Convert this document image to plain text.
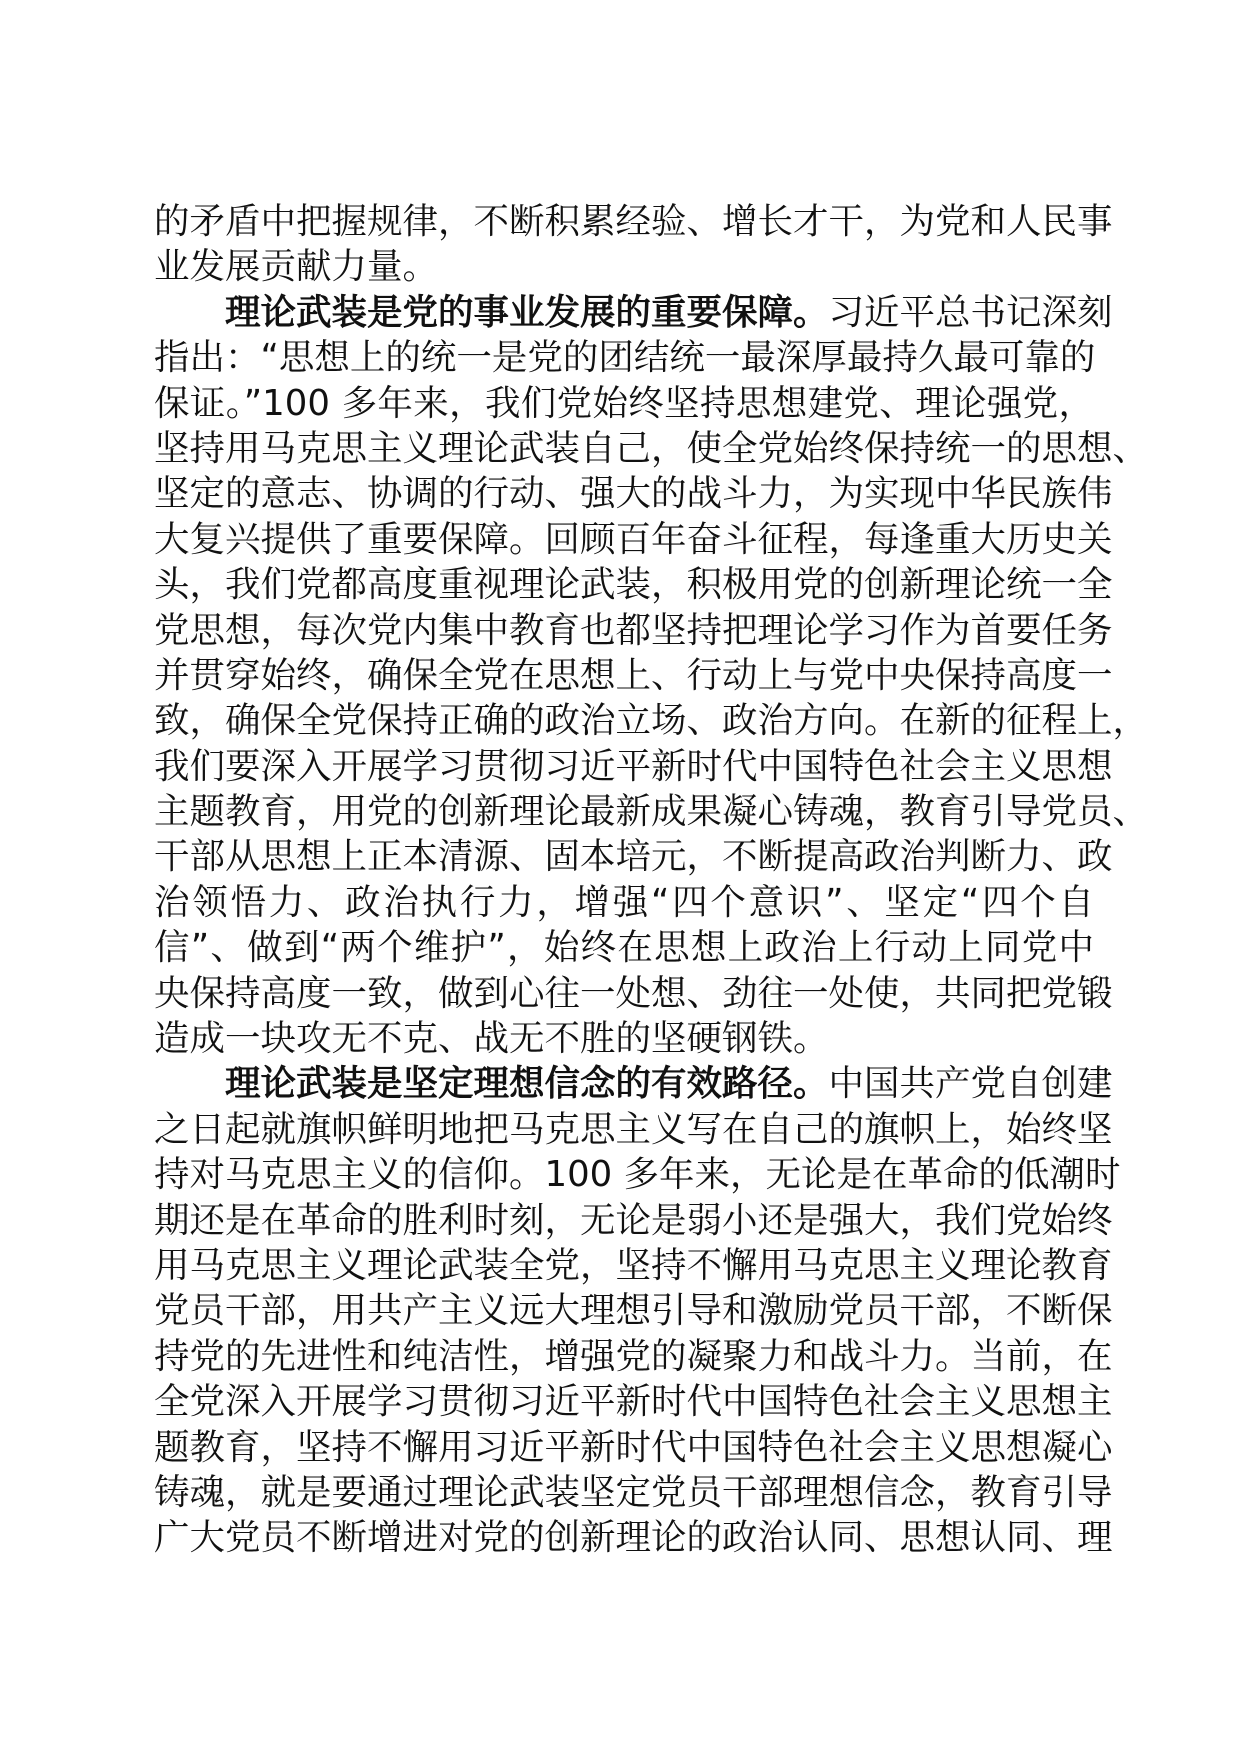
的矛盾中把握规律，不断积累经验、增长才干，为党和人民事
业发展贡献力量。
理论武装是党的事业发展的重要保障。习近平总书记深刻
指出：“思想上的统一是党的团结统一最深厚最持久最可靠的
保证。”100 多年来，我们党始终坚持思想建党、理论强党，
坚持用马克思主义理论武装自己，使全党始终保持统一的思想、
坚定的意志、协调的行动、强大的战斗力，为实现中华民族伟
大复兴提供了重要保障。回顾百年奋斗征程，每逢重大历史关
头，我们党都高度重视理论武装，积极用党的创新理论统一全
党思想，每次党内集中教育也都坚持把理论学习作为首要任务
并贯穿始终，确保全党在思想上、行动上与党中央保持高度一
致，确保全党保持正确的政治立场、政治方向。在新的征程上，
我们要深入开展学习贯彻习近平新时代中国特色社会主义思想
主题教育，用党的创新理论最新成果凝心铸魂，教育引导党员、
干部从思想上正本清源、固本培元，不断提高政治判断力、政
治领悟力、政治执行力，增强“四个意识”、坚定“四个自
信”、做到“两个维护”，始终在思想上政治上行动上同党中
央保持高度一致，做到心往一处想、劲往一处使，共同把党锻
造成一块攻无不克、战无不胜的坚硬钢铁。
理论武装是坚定理想信念的有效路径。中国共产党自创建
之日起就旗帜鲜明地把马克思主义写在自己的旗帜上，始终坚
持对马克思主义的信仰。100 多年来，无论是在革命的低潮时
期还是在革命的胜利时刻，无论是弱小还是强大，我们党始终
用马克思主义理论武装全党，坚持不懈用马克思主义理论教育
党员干部，用共产主义远大理想引导和激励党员干部，不断保
持党的先进性和纯洁性，增强党的凝聚力和战斗力。当前，在
全党深入开展学习贯彻习近平新时代中国特色社会主义思想主
题教育，坚持不懈用习近平新时代中国特色社会主义思想凝心
铸魂，就是要通过理论武装坚定党员干部理想信念，教育引导
广大党员不断增进对党的创新理论的政治认同、思想认同、理
